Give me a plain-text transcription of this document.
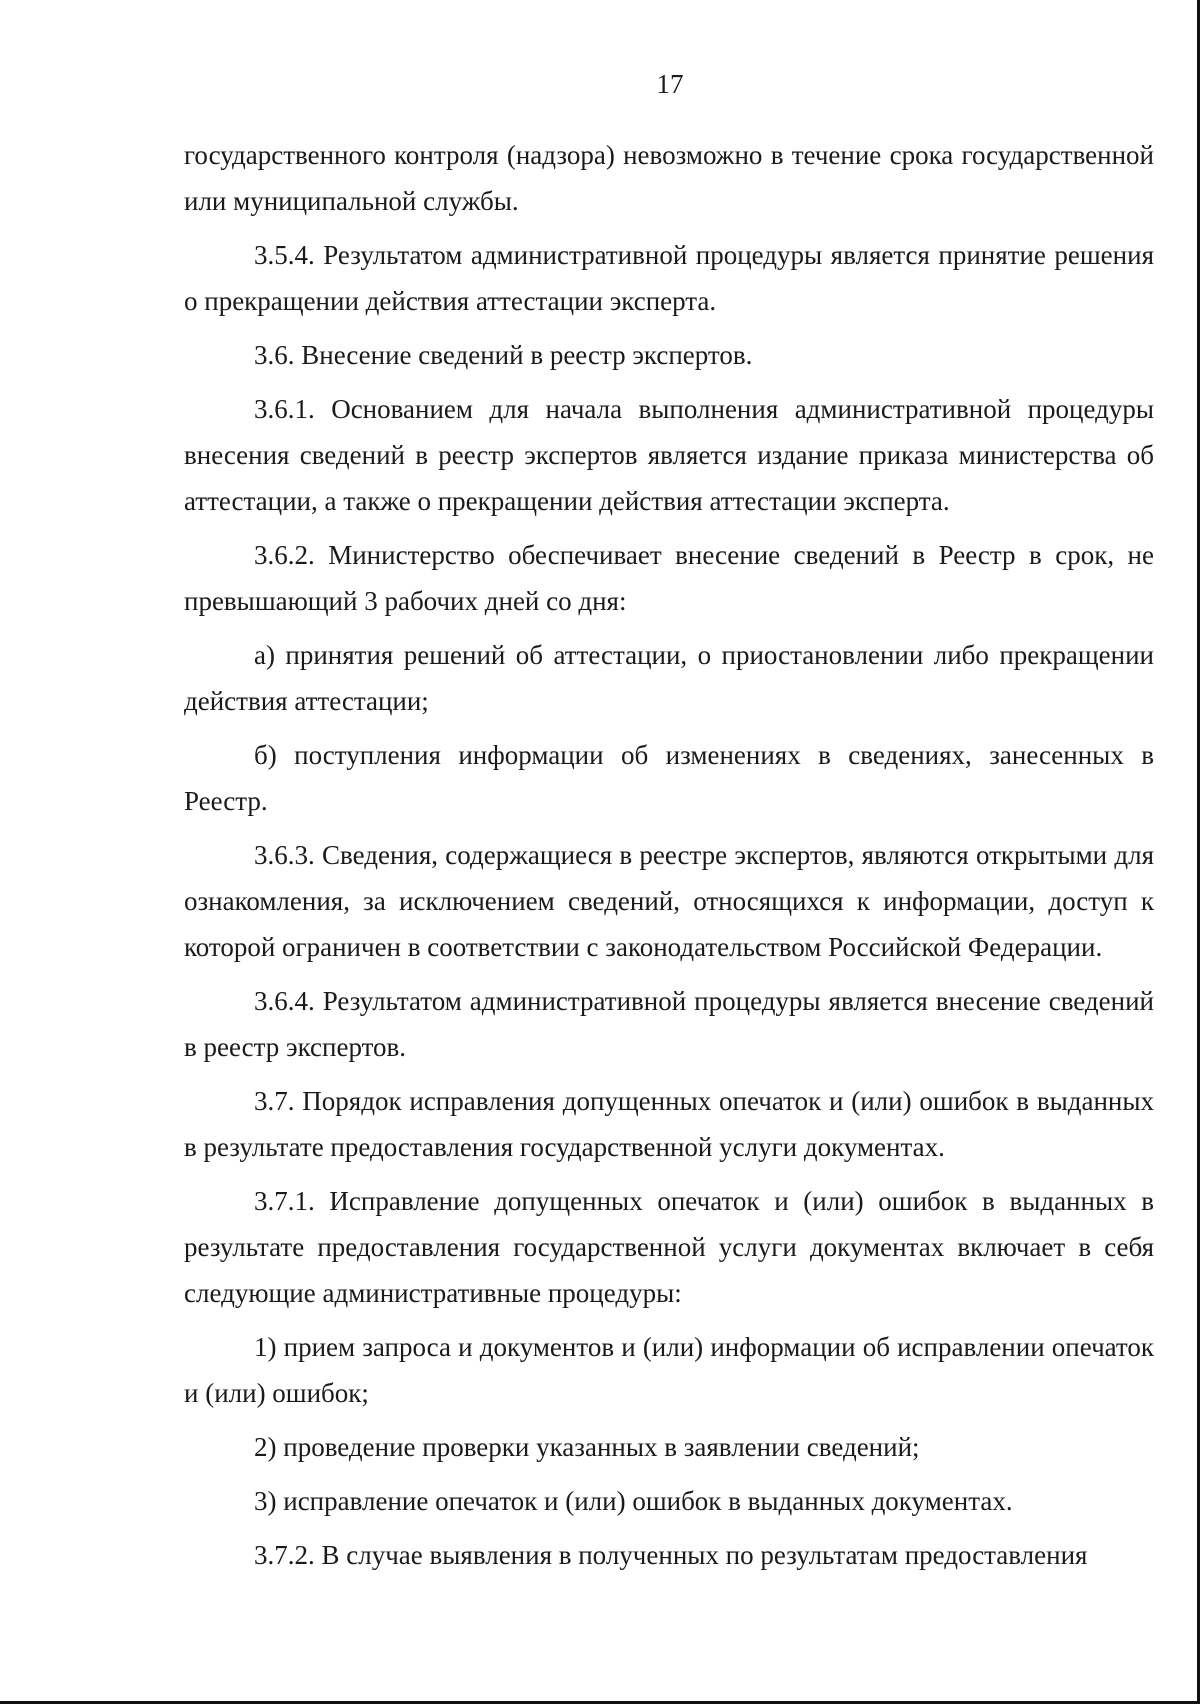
17

государственного контроля (надзора) невозможно в течение срока государственной или муниципальной службы.

3.5.4. Результатом административной процедуры является принятие решения о прекращении действия аттестации эксперта.

3.6. Внесение сведений в реестр экспертов.

3.6.1. Основанием для начала выполнения административной процедуры внесения сведений в реестр экспертов является издание приказа министерства об аттестации, а также о прекращении действия аттестации эксперта.

3.6.2. Министерство обеспечивает внесение сведений в Реестр в срок, не превышающий 3 рабочих дней со дня:

а) принятия решений об аттестации, о приостановлении либо прекращении действия аттестации;

б) поступления информации об изменениях в сведениях, занесенных в Реестр.

3.6.3. Сведения, содержащиеся в реестре экспертов, являются открытыми для ознакомления, за исключением сведений, относящихся к информации, доступ к которой ограничен в соответствии с законодательством Российской Федерации.

3.6.4. Результатом административной процедуры является внесение сведений в реестр экспертов.

3.7. Порядок исправления допущенных опечаток и (или) ошибок в выданных в результате предоставления государственной услуги документах.

3.7.1. Исправление допущенных опечаток и (или) ошибок в выданных в результате предоставления государственной услуги документах включает в себя следующие административные процедуры:

1) прием запроса и документов и (или) информации об исправлении опечаток и (или) ошибок;

2) проведение проверки указанных в заявлении сведений;

3) исправление опечаток и (или) ошибок в выданных документах.

3.7.2. В случае выявления в полученных по результатам предоставления
